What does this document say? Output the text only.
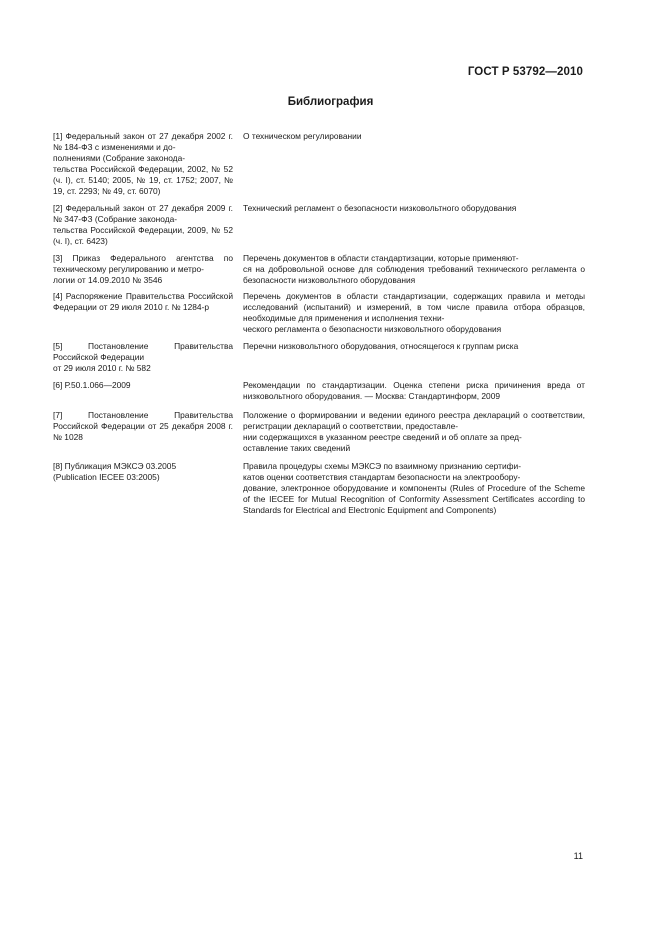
ГОСТ Р 53792—2010
Библиография
[1] Федеральный закон от 27 декабря 2002 г. № 184-ФЗ с изменениями и до-
полнениями (Собрание законода-
тельства Российской Федерации, 2002, № 52 (ч. I), ст. 5140; 2005, № 19, ст. 1752; 2007, № 19, ст. 2293; № 49, ст. 6070)
О техническом регулировании
[2] Федеральный закон от 27 декабря 2009 г. № 347-ФЗ (Собрание законода-
тельства Российской Федерации, 2009, № 52 (ч. I), ст. 6423)
Технический регламент о безопасности низковольтного оборудования
[3] Приказ Федерального агентства по техническому регулированию и метро-
логии от 14.09.2010 № 3546
Перечень документов в области стандартизации, которые применяют-
ся на добровольной основе для соблюдения требований технического регламента о безопасности низковольтного оборудования
[4] Распоряжение Правительства Российской Федерации от 29 июля 2010 г. № 1284-р
Перечень документов в области стандартизации, содержащих правила и методы исследований (испытаний) и измерений, в том числе правила отбора образцов, необходимые для применения и исполнения техни-
ческого регламента о безопасности низковольтного оборудования
[5] Постановление Правительства Российской Федерации
от 29 июля 2010 г. № 582
Перечни низковольтного оборудования, относящегося к группам риска
[6] Р.50.1.066—2009	Рекомендации по стандартизации. Оценка степени риска причинения вреда от низковольтного оборудования. — Москва: Стандартинформ, 2009
[7] Постановление Правительства Российской Федерации от 25 декабря 2008 г. № 1028
Положение о формировании и ведении единого реестра деклараций о соответствии, регистрации деклараций о соответствии, предоставле-
нии содержащихся в указанном реестре сведений и об оплате за пред-
оставление таких сведений
[8] Публикация МЭКСЭ 03.2005
(Publication IECEE 03:2005)
Правила процедуры схемы МЭКСЭ по взаимному признанию сертифи-
катов оценки соответствия стандартам безопасности на электрообору-
дование, электронное оборудование и компоненты (Rules of Procedure of the Scheme of the IECEE for Mutual Recognition of Conformity Assessment Certificates according to Standards for Electrical and Electronic Equipment and Components)
11
